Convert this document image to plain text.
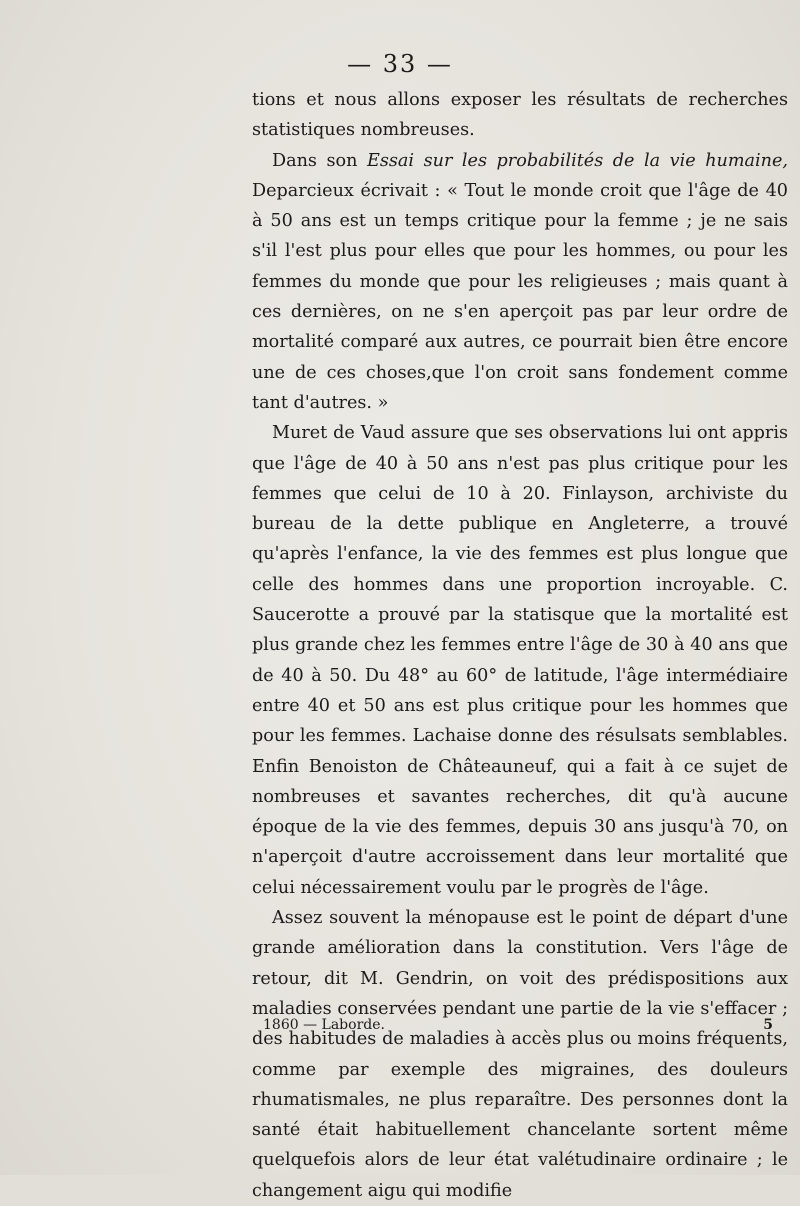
— 33 —

tions et nous allons exposer les résultats de recherches statistiques nombreuses.

Dans son Essai sur les probabilités de la vie humaine, Deparcieux écrivait : « Tout le monde croit que l'âge de 40 à 50 ans est un temps critique pour la femme ; je ne sais s'il l'est plus pour elles que pour les hommes, ou pour les femmes du monde que pour les religieuses ; mais quant à ces dernières, on ne s'en aperçoit pas par leur ordre de mortalité comparé aux autres, ce pourrait bien être encore une de ces choses,que l'on croit sans fondement comme tant d'autres. »

Muret de Vaud assure que ses observations lui ont appris que l'âge de 40 à 50 ans n'est pas plus critique pour les femmes que celui de 10 à 20. Finlayson, archiviste du bureau de la dette publique en Angleterre, a trouvé qu'après l'enfance, la vie des femmes est plus longue que celle des hommes dans une proportion incroyable. C. Saucerotte a prouvé par la statisque que la mortalité est plus grande chez les femmes entre l'âge de 30 à 40 ans que de 40 à 50. Du 48° au 60° de latitude, l'âge intermédiaire entre 40 et 50 ans est plus critique pour les hommes que pour les femmes. Lachaise donne des résulsats semblables. Enfin Benoiston de Châteauneuf, qui a fait à ce sujet de nombreuses et savantes recherches, dit qu'à aucune époque de la vie des femmes, depuis 30 ans jusqu'à 70, on n'aperçoit d'autre accroissement dans leur mortalité que celui nécessairement voulu par le progrès de l'âge.

Assez souvent la ménopause est le point de départ d'une grande amélioration dans la constitution. Vers l'âge de retour, dit M. Gendrin, on voit des prédispositions aux maladies conservées pendant une partie de la vie s'effacer ; des habitudes de maladies à accès plus ou moins fréquents, comme par exemple des migraines, des douleurs rhumatismales, ne plus reparaître. Des personnes dont la santé était habituellement chancelante sortent même quelquefois alors de leur état valétudinaire ordinaire ; le changement aigu qui modifie

1860 — Laborde.	5
